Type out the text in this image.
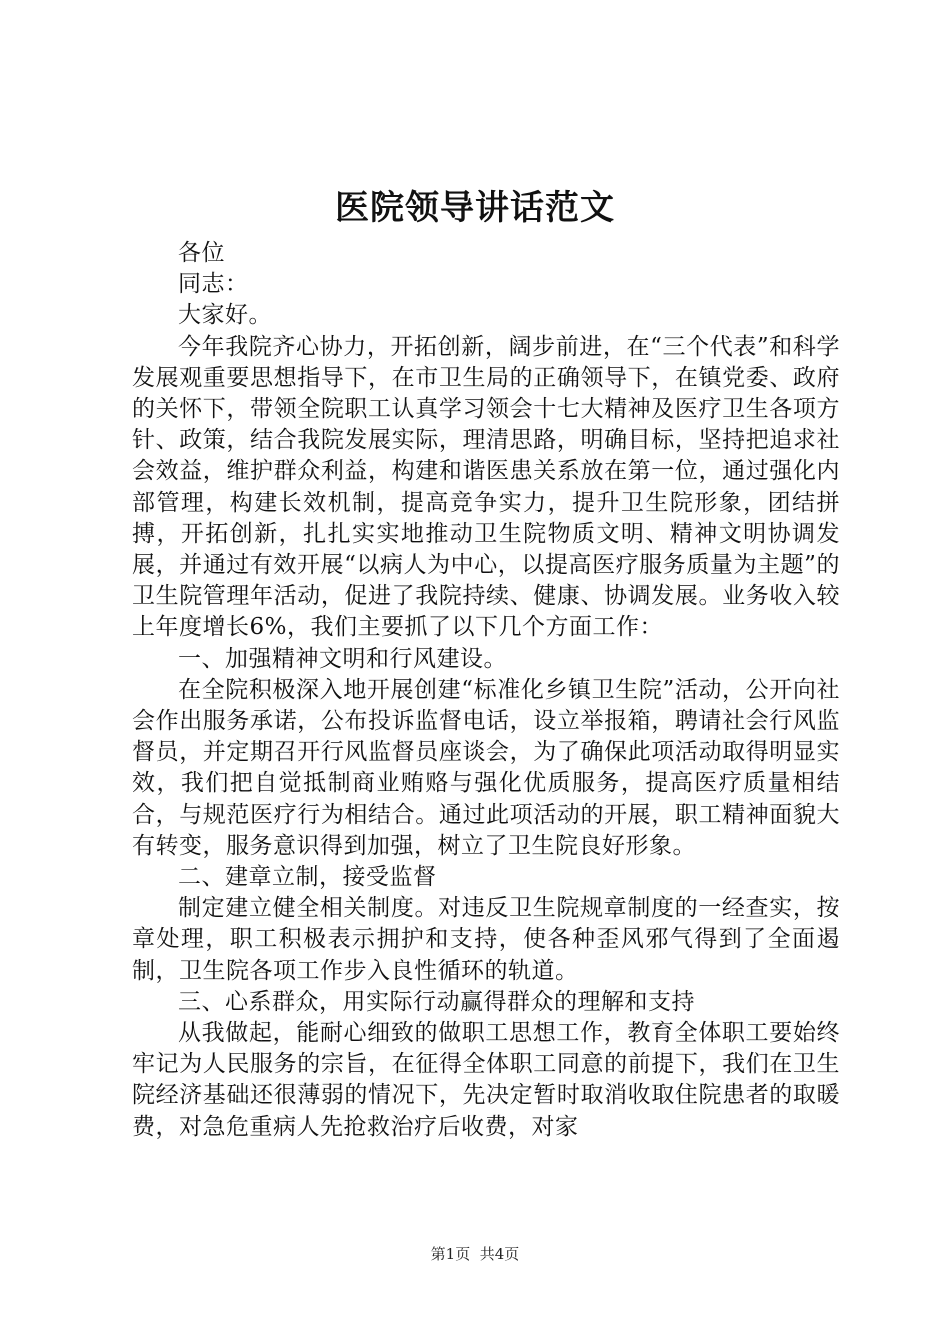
医院领导讲话范文

各位

同志：

大家好。

今年我院齐心协力，开拓创新，阔步前进，在“三个代表”和科学发展观重要思想指导下，在市卫生局的正确领导下，在镇党委、政府的关怀下，带领全院职工认真学习领会十七大精神及医疗卫生各项方针、政策，结合我院发展实际，理清思路，明确目标，坚持把追求社会效益，维护群众利益，构建和谐医患关系放在第一位，通过强化内部管理，构建长效机制，提高竞争实力，提升卫生院形象，团结拼搏，开拓创新，扎扎实实地推动卫生院物质文明、精神文明协调发展，并通过有效开展“以病人为中心，以提高医疗服务质量为主题”的卫生院管理年活动，促进了我院持续、健康、协调发展。业务收入较上年度增长6%，我们主要抓了以下几个方面工作：

一、加强精神文明和行风建设。

在全院积极深入地开展创建“标准化乡镇卫生院”活动，公开向社会作出服务承诺，公布投诉监督电话，设立举报箱，聘请社会行风监督员，并定期召开行风监督员座谈会，为了确保此项活动取得明显实效，我们把自觉抵制商业贿赂与强化优质服务，提高医疗质量相结合，与规范医疗行为相结合。通过此项活动的开展，职工精神面貌大有转变，服务意识得到加强，树立了卫生院良好形象。

二、建章立制，接受监督

制定建立健全相关制度。对违反卫生院规章制度的一经查实，按章处理，职工积极表示拥护和支持，使各种歪风邪气得到了全面遏制，卫生院各项工作步入良性循环的轨道。

三、心系群众，用实际行动赢得群众的理解和支持

从我做起，能耐心细致的做职工思想工作，教育全体职工要始终牢记为人民服务的宗旨，在征得全体职工同意的前提下，我们在卫生院经济基础还很薄弱的情况下，先决定暂时取消收取住院患者的取暖费，对急危重病人先抢救治疗后收费，对家

第1页 共4页
